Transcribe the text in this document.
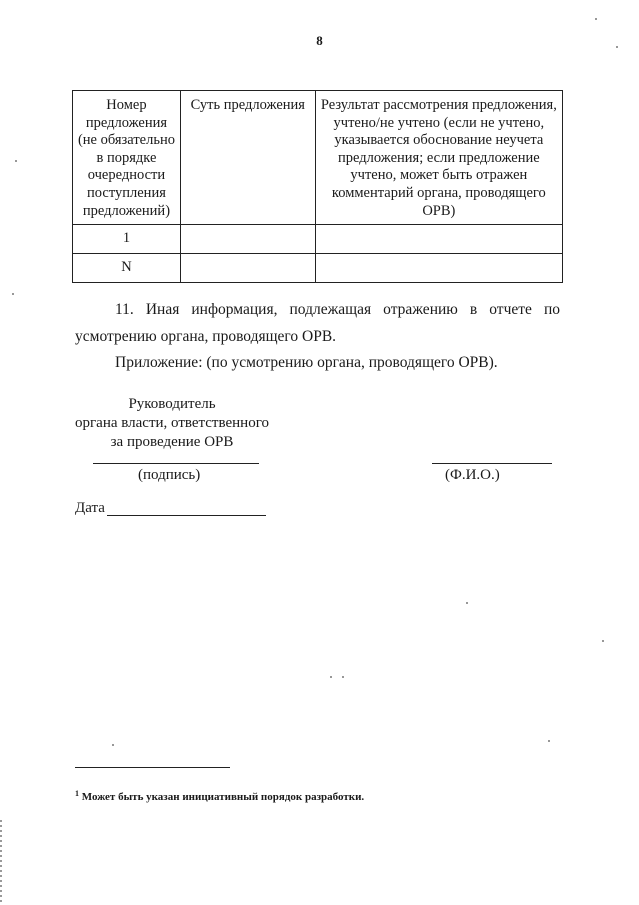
8
Номер предложения (не обязательно в порядке очередности поступления предложений)	Суть предложения	Результат рассмотрения предложения, учтено/не учтено (если не учтено, указывается обоснование неучета предложения; если предложение учтено, может быть отражен комментарий органа, проводящего ОРВ)

1		
N		
11. Иная информация, подлежащая отражению в отчете по усмотрению органа, проводящего ОРВ.
Приложение: (по усмотрению органа, проводящего ОРВ).
Руководитель
органа власти, ответственного
за проведение ОРВ
(подпись)	(Ф.И.О.)
Дата
$^1$ Может быть указан инициативный порядок разработки.
